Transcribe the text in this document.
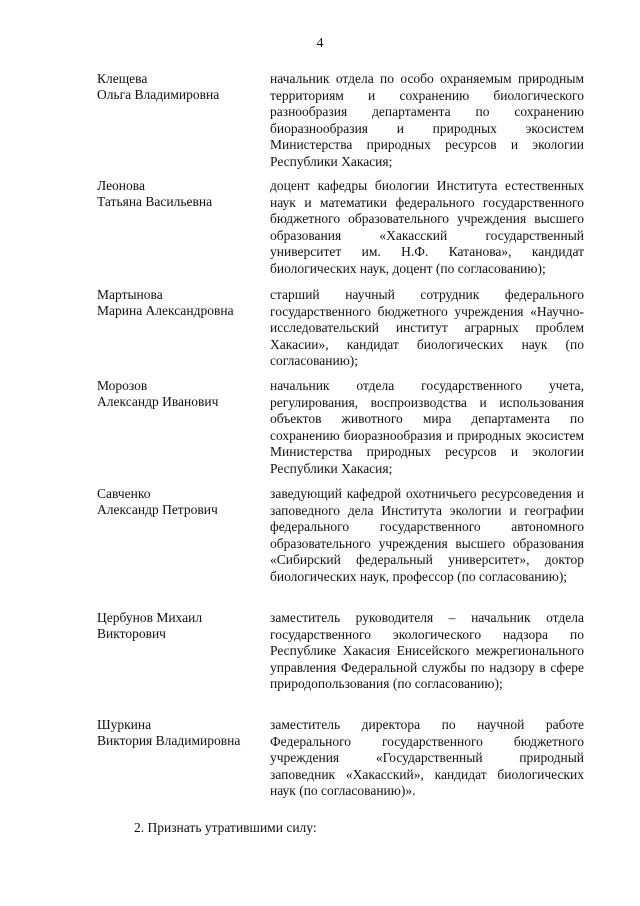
4
Клещева
Ольга Владимировна
начальник отдела по особо охраняемым природным территориям и сохранению биологического разнообразия департамента по сохранению биоразнообразия и природных экосистем Министерства природных ресурсов и экологии Республики Хакасия;
Леонова
Татьяна Васильевна
доцент кафедры биологии Института естественных наук и математики федерального государственного бюджетного образовательного учреждения высшего образования «Хакасский государственный университет им. Н.Ф. Катанова», кандидат биологических наук, доцент (по согласованию);
Мартынова
Марина Александровна
старший научный сотрудник федерального государственного бюджетного учреждения «Научно-исследовательский институт аграрных проблем Хакасии», кандидат биологических наук (по согласованию);
Морозов
Александр Иванович
начальник отдела государственного учета, регулирования, воспроизводства и использования объектов животного мира департамента по сохранению биоразнообразия и природных экосистем Министерства природных ресурсов и экологии Республики Хакасия;
Савченко
Александр Петрович
заведующий кафедрой охотничьего ресурсоведения и заповедного дела Института экологии и географии федерального государственного автономного образовательного учреждения высшего образования «Сибирский федеральный университет», доктор биологических наук, профессор (по согласованию);
Цербунов Михаил
Викторович
заместитель руководителя – начальник отдела государственного экологического надзора по Республике Хакасия Енисейского межрегионального управления Федеральной службы по надзору в сфере природопользования (по согласованию);
Шуркина
Виктория Владимировна
заместитель директора по научной работе Федерального государственного бюджетного учреждения «Государственный природный заповедник «Хакасский», кандидат биологических наук (по согласованию)».
2. Признать утратившими силу:
